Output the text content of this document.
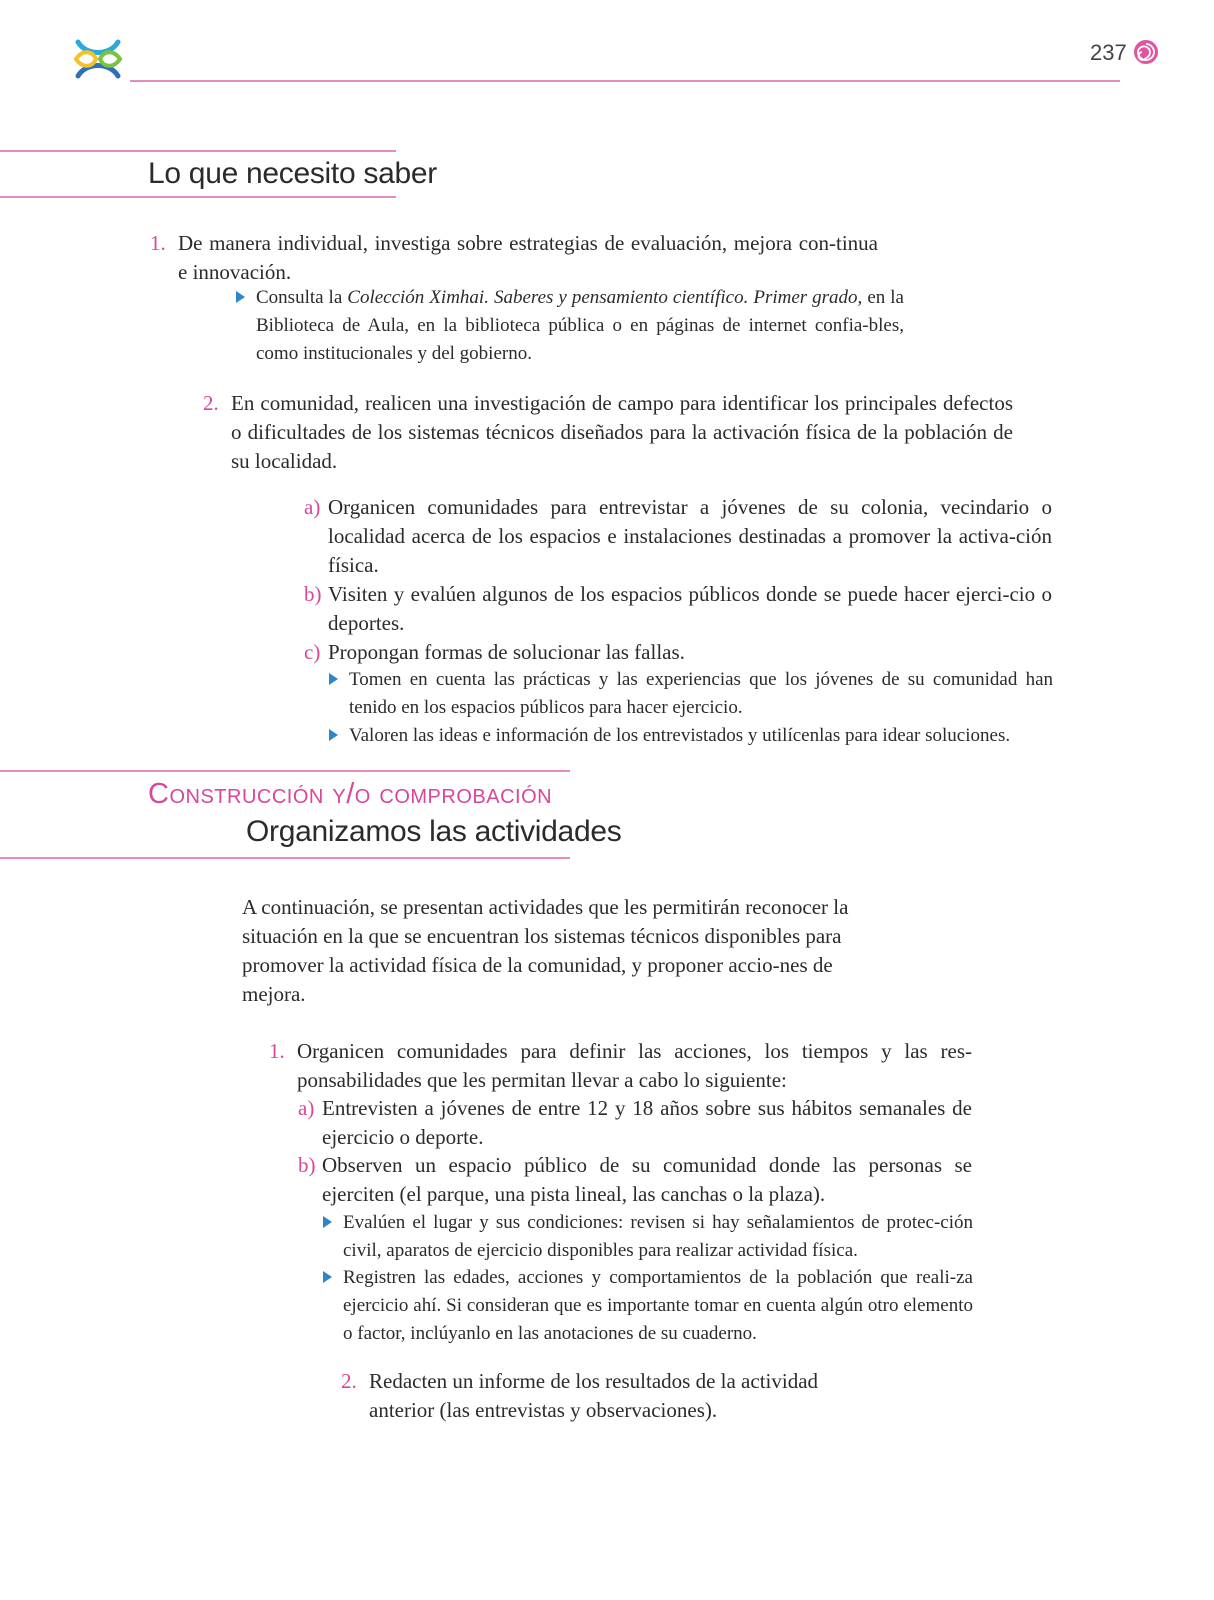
237
Lo que necesito saber
1. De manera individual, investiga sobre estrategias de evaluación, mejora con-tinua e innovación.
Consulta la Colección Ximhai. Saberes y pensamiento científico. Primer grado, en la Biblioteca de Aula, en la biblioteca pública o en páginas de internet confia-bles, como institucionales y del gobierno.
2. En comunidad, realicen una investigación de campo para identificar los principales defectos o dificultades de los sistemas técnicos diseñados para la activación física de la población de su localidad.
a) Organicen comunidades para entrevistar a jóvenes de su colonia, vecindario o localidad acerca de los espacios e instalaciones destinadas a promover la activa-ción física.
b) Visiten y evalúen algunos de los espacios públicos donde se puede hacer ejerci-cio o deportes.
c) Propongan formas de solucionar las fallas.
Tomen en cuenta las prácticas y las experiencias que los jóvenes de su comunidad han tenido en los espacios públicos para hacer ejercicio.
Valoren las ideas e información de los entrevistados y utilícenlas para idear soluciones.
Construcción y/o comprobación
Organizamos las actividades
A continuación, se presentan actividades que les permitirán reconocer la situación en la que se encuentran los sistemas técnicos disponibles para promover la actividad física de la comunidad, y proponer accio-nes de mejora.
1. Organicen comunidades para definir las acciones, los tiempos y las res-ponsabilidades que les permitan llevar a cabo lo siguiente:
a) Entrevisten a jóvenes de entre 12 y 18 años sobre sus hábitos semanales de ejercicio o deporte.
b) Observen un espacio público de su comunidad donde las personas se ejerciten (el parque, una pista lineal, las canchas o la plaza).
Evalúen el lugar y sus condiciones: revisen si hay señalamientos de protec-ción civil, aparatos de ejercicio disponibles para realizar actividad física.
Registren las edades, acciones y comportamientos de la población que reali-za ejercicio ahí. Si consideran que es importante tomar en cuenta algún otro elemento o factor, inclúyanlo en las anotaciones de su cuaderno.
2. Redacten un informe de los resultados de la actividad anterior (las entrevistas y observaciones).
